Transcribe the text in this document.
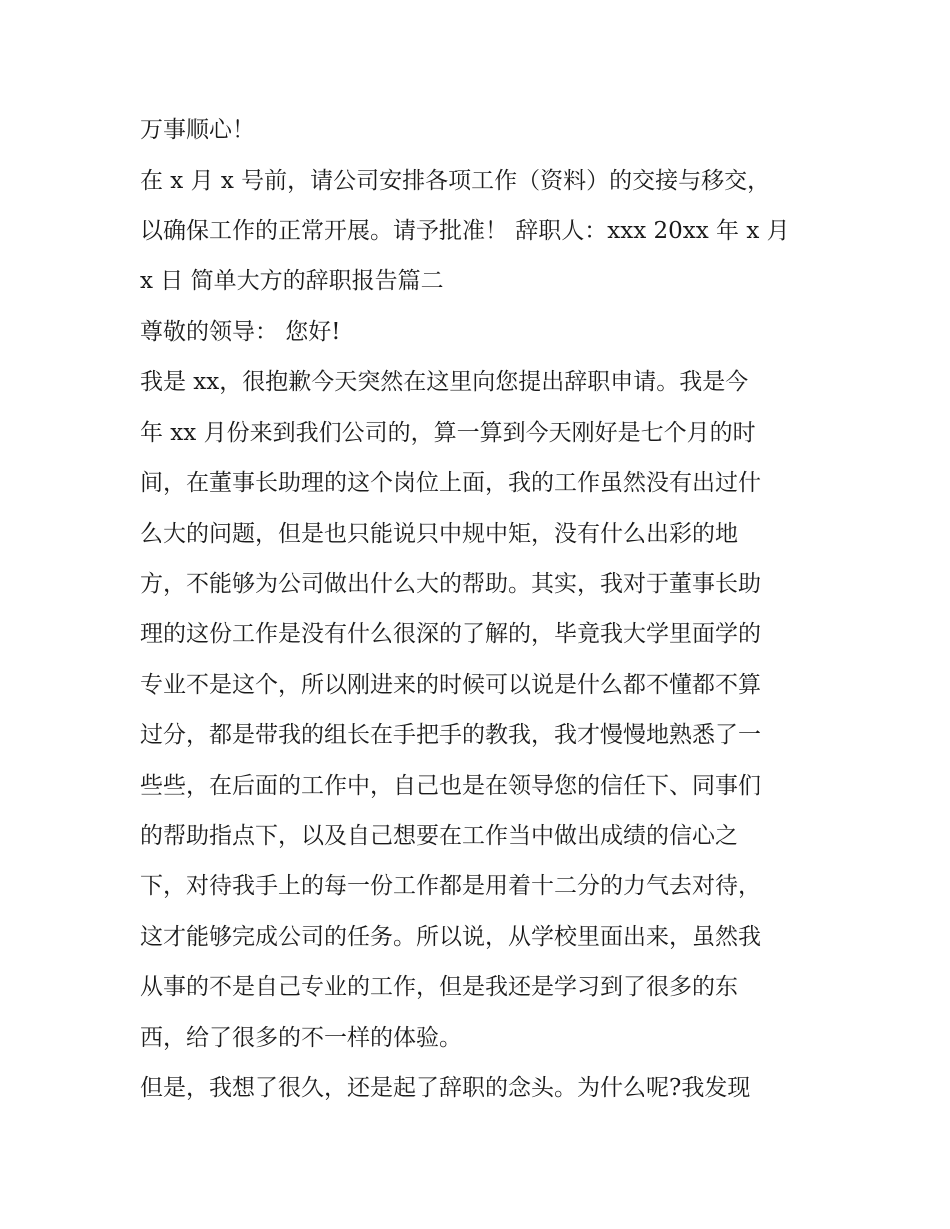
万事顺心！
在 x 月 x 号前，请公司安排各项工作（资料）的交接与移交，
以确保工作的正常开展。请予批准！ 辞职人：xxx 20xx 年 x 月
x 日 简单大方的辞职报告篇二
尊敬的领导： 您好!
我是 xx，很抱歉今天突然在这里向您提出辞职申请。我是今
年 xx 月份来到我们公司的，算一算到今天刚好是七个月的时
间，在董事长助理的这个岗位上面，我的工作虽然没有出过什
么大的问题，但是也只能说只中规中矩，没有什么出彩的地
方，不能够为公司做出什么大的帮助。其实，我对于董事长助
理的这份工作是没有什么很深的了解的，毕竟我大学里面学的
专业不是这个，所以刚进来的时候可以说是什么都不懂都不算
过分，都是带我的组长在手把手的教我，我才慢慢地熟悉了一
些些，在后面的工作中，自己也是在领导您的信任下、同事们
的帮助指点下，以及自己想要在工作当中做出成绩的信心之
下，对待我手上的每一份工作都是用着十二分的力气去对待，
这才能够完成公司的任务。所以说，从学校里面出来，虽然我
从事的不是自己专业的工作，但是我还是学习到了很多的东
西，给了很多的不一样的体验。
但是，我想了很久，还是起了辞职的念头。为什么呢?我发现
